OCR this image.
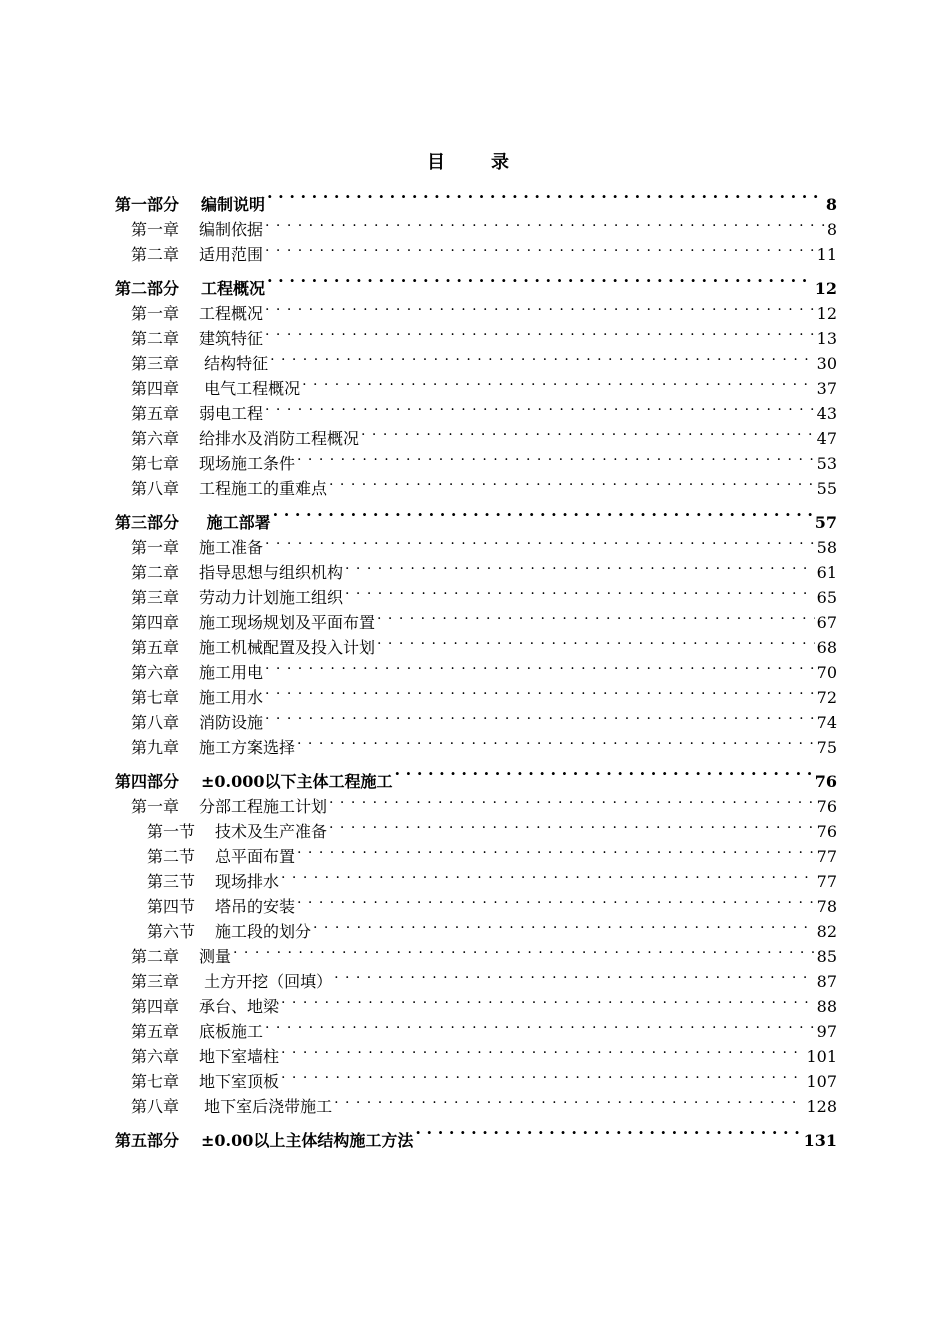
目　录
第一部分 编制说明 . . .	8
第一章 编制依据 . . .	8
第二章 适用范围 . . .	11
第二部分 工程概况 . . .	12
第一章 工程概况 . . .	12
第二章 建筑特征 . . .	13
第三章 结构特征 . . .	30
第四章 电气工程概况 . . .	37
第五章 弱电工程 . . .	43
第六章 给排水及消防工程概况 . . .	47
第七章 现场施工条件 . . .	53
第八章 工程施工的重难点 . . .	55
第三部分 施工部署 . . .	57
第一章 施工准备 . . .	58
第二章 指导思想与组织机构 . . .	61
第三章 劳动力计划施工组织 . . .	65
第四章 施工现场规划及平面布置 . . .	67
第五章 施工机械配置及投入计划 . . .	68
第六章 施工用电 . . .	70
第七章 施工用水 . . .	72
第八章 消防设施 . . .	74
第九章 施工方案选择 . . .	75
第四部分 ±0.000以下主体工程施工 . . .	76
第一章 分部工程施工计划 . . .	76
第一节 技术及生产准备 . . .	76
第二节 总平面布置 . . .	77
第三节 现场排水 . . .	77
第四节 塔吊的安装 . . .	78
第六节 施工段的划分 . . .	82
第二章 测量 . . .	85
第三章 土方开挖（回填） . . .	87
第四章 承台、地梁 . . .	88
第五章 底板施工 . . .	97
第六章 地下室墙柱 . . .	101
第七章 地下室顶板 . . .	107
第八章 地下室后浇带施工 . . .	128
第五部分 ±0.00以上主体结构施工方法 . . .	131
